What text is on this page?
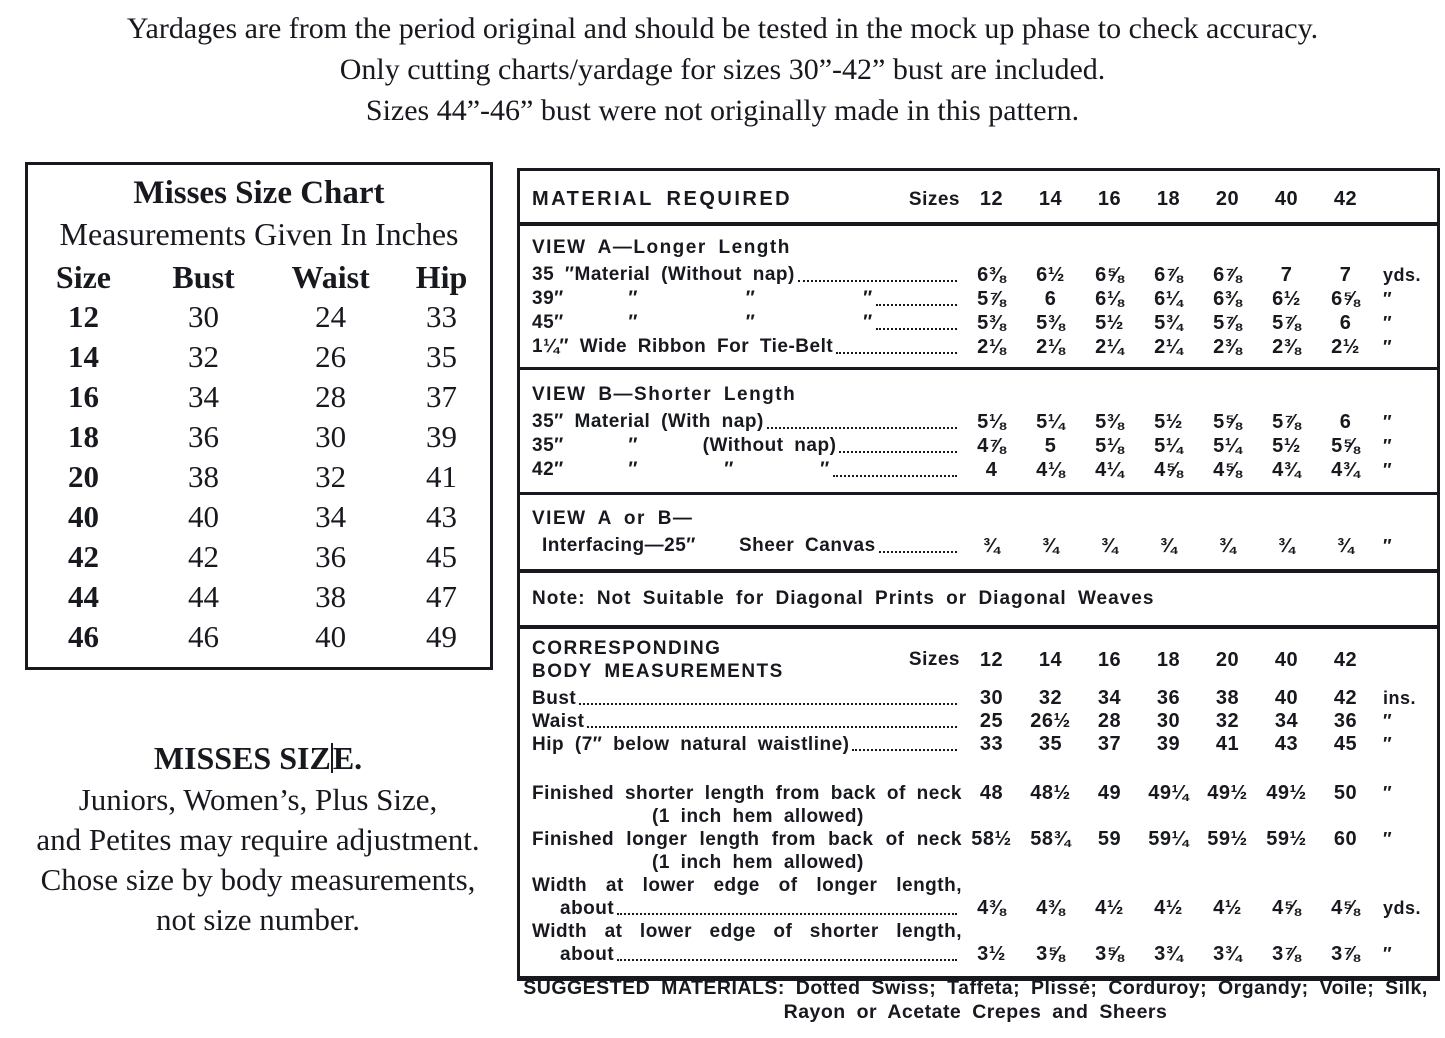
Yardages are from the period original and should be tested in the mock up phase to check accuracy.
Only cutting charts/yardage for sizes 30”-42” bust are included.
Sizes 44”-46” bust were not originally made in this pattern.
Misses Size Chart
Measurements Given In Inches
Size	Bust	Waist	Hip
12	30	24	33
14	32	26	35
16	34	28	37
18	36	30	39
20	38	32	41
40	40	34	43
42	42	36	45
44	44	38	47
46	46	40	49
MISSES SIZE.
Juniors, Women’s, Plus Size,
and Petites may require adjustment.
Chose size by body measurements,
not size number.
MATERIAL REQUIRED	Sizes 12	14	16	18	20	40	42
VIEW A—Longer Length
35 ″Material (Without nap)	6⅜	6½	6⅝	6⅞	6⅞	7	7	yds.
39″      ″          ″          ″	5⅞	6	6⅛	6¼	6⅜	6½	6⅝	″
45″      ″          ″          ″	5⅜	5⅜	5½	5¾	5⅞	5⅞	6	″
1¼″ Wide Ribbon For Tie-Belt	2⅛	2⅛	2¼	2¼	2⅜	2⅜	2½	″
VIEW B—Shorter Length
35″ Material (With nap)	5⅛	5¼	5⅜	5½	5⅝	5⅞	6	″
35″      ″      (Without nap)	4⅞	5	5⅛	5¼	5¼	5½	5⅝	″
42″      ″        ″        ″	4	4⅛	4¼	4⅝	4⅝	4¾	4¾	″
VIEW A or B—
Interfacing—25″    Sheer Canvas	¾	¾	¾	¾	¾	¾	¾	″
Note: Not Suitable for Diagonal Prints or Diagonal Weaves
CORRESPONDING
BODY MEASUREMENTS
Sizes 12	14	16	18	20	40	42
Bust	30	32	34	36	38	40	42	ins.
Waist	25	26½	28	30	32	34	36	″
Hip (7″ below natural waistline)	33	35	37	39	41	43	45	″
Finished shorter length from back of neck
(1 inch hem allowed)
48	48½	49	49¼ 49½ 49½	50	″
Finished longer length from back of neck
(1 inch hem allowed)
58½ 58¾	59	59¼ 59½ 59½	60	″
Width at lower edge of longer length,
about	4⅜	4⅜	4½	4½	4½	4⅝	4⅝	yds.
Width at lower edge of shorter length,
about	3½	3⅝	3⅝	3¾	3¾	3⅞	3⅞	″
SUGGESTED MATERIALS: Dotted Swiss; Taffeta; Plissé; Corduroy; Organdy; Voile; Silk,
Rayon or Acetate Crepes and Sheers
